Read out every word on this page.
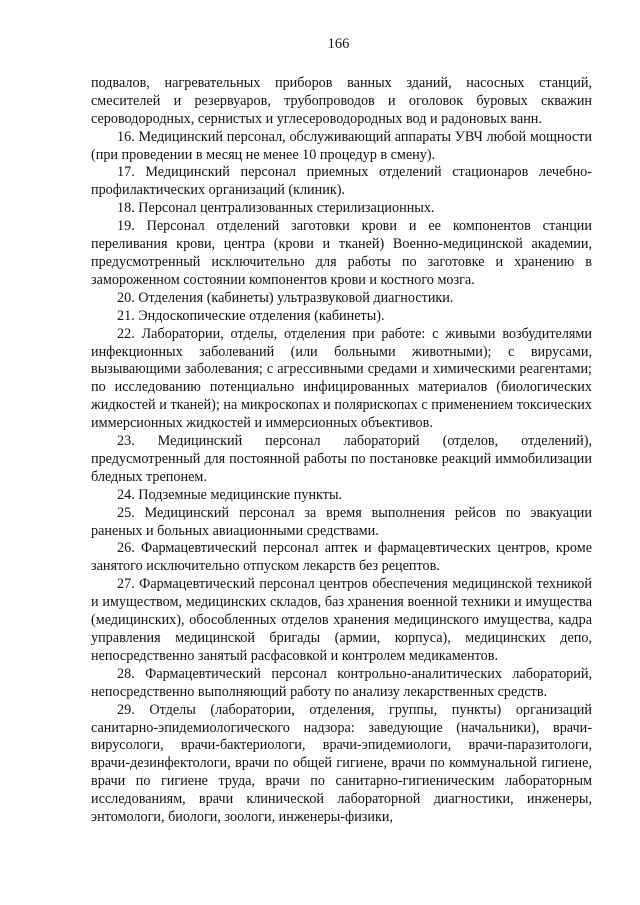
166

подвалов, нагревательных приборов ванных зданий, насосных станций, смесителей и резервуаров, трубопроводов и оголовок буровых скважин сероводородных, сернистых и углесероводородных вод и радоновых ванн.

16. Медицинский персонал, обслуживающий аппараты УВЧ любой мощности (при проведении в месяц не менее 10 процедур в смену).

17. Медицинский персонал приемных отделений стационаров лечебно-профилактических организаций (клиник).

18. Персонал централизованных стерилизационных.

19. Персонал отделений заготовки крови и ее компонентов станции переливания крови, центра (крови и тканей) Военно-медицинской академии, предусмотренный исключительно для работы по заготовке и хранению в замороженном состоянии компонентов крови и костного мозга.

20. Отделения (кабинеты) ультразвуковой диагностики.

21. Эндоскопические отделения (кабинеты).

22. Лаборатории, отделы, отделения при работе: с живыми возбудителями инфекционных заболеваний (или больными животными); с вирусами, вызывающими заболевания; с агрессивными средами и химическими реагентами; по исследованию потенциально инфицированных материалов (биологических жидкостей и тканей); на микроскопах и полярископах с применением токсических иммерсионных жидкостей и иммерсионных объективов.

23. Медицинский персонал лабораторий (отделов, отделений), предусмотренный для постоянной работы по постановке реакций иммобилизации бледных трепонем.

24. Подземные медицинские пункты.

25. Медицинский персонал за время выполнения рейсов по эвакуации раненых и больных авиационными средствами.

26. Фармацевтический персонал аптек и фармацевтических центров, кроме занятого исключительно отпуском лекарств без рецептов.

27. Фармацевтический персонал центров обеспечения медицинской техникой и имуществом, медицинских складов, баз хранения военной техники и имущества (медицинских), обособленных отделов хранения медицинского имущества, кадра управления медицинской бригады (армии, корпуса), медицинских депо, непосредственно занятый расфасовкой и контролем медикаментов.

28. Фармацевтический персонал контрольно-аналитических лабораторий, непосредственно выполняющий работу по анализу лекарственных средств.

29. Отделы (лаборатории, отделения, группы, пункты) организаций санитарно-эпидемиологического надзора: заведующие (начальники), врачи-вирусологи, врачи-бактериологи, врачи-эпидемиологи, врачи-паразитологи, врачи-дезинфектологи, врачи по общей гигиене, врачи по коммунальной гигиене, врачи по гигиене труда, врачи по санитарно-гигиеническим лабораторным исследованиям, врачи клинической лабораторной диагностики, инженеры, энтомологи, биологи, зоологи, инженеры-физики,
